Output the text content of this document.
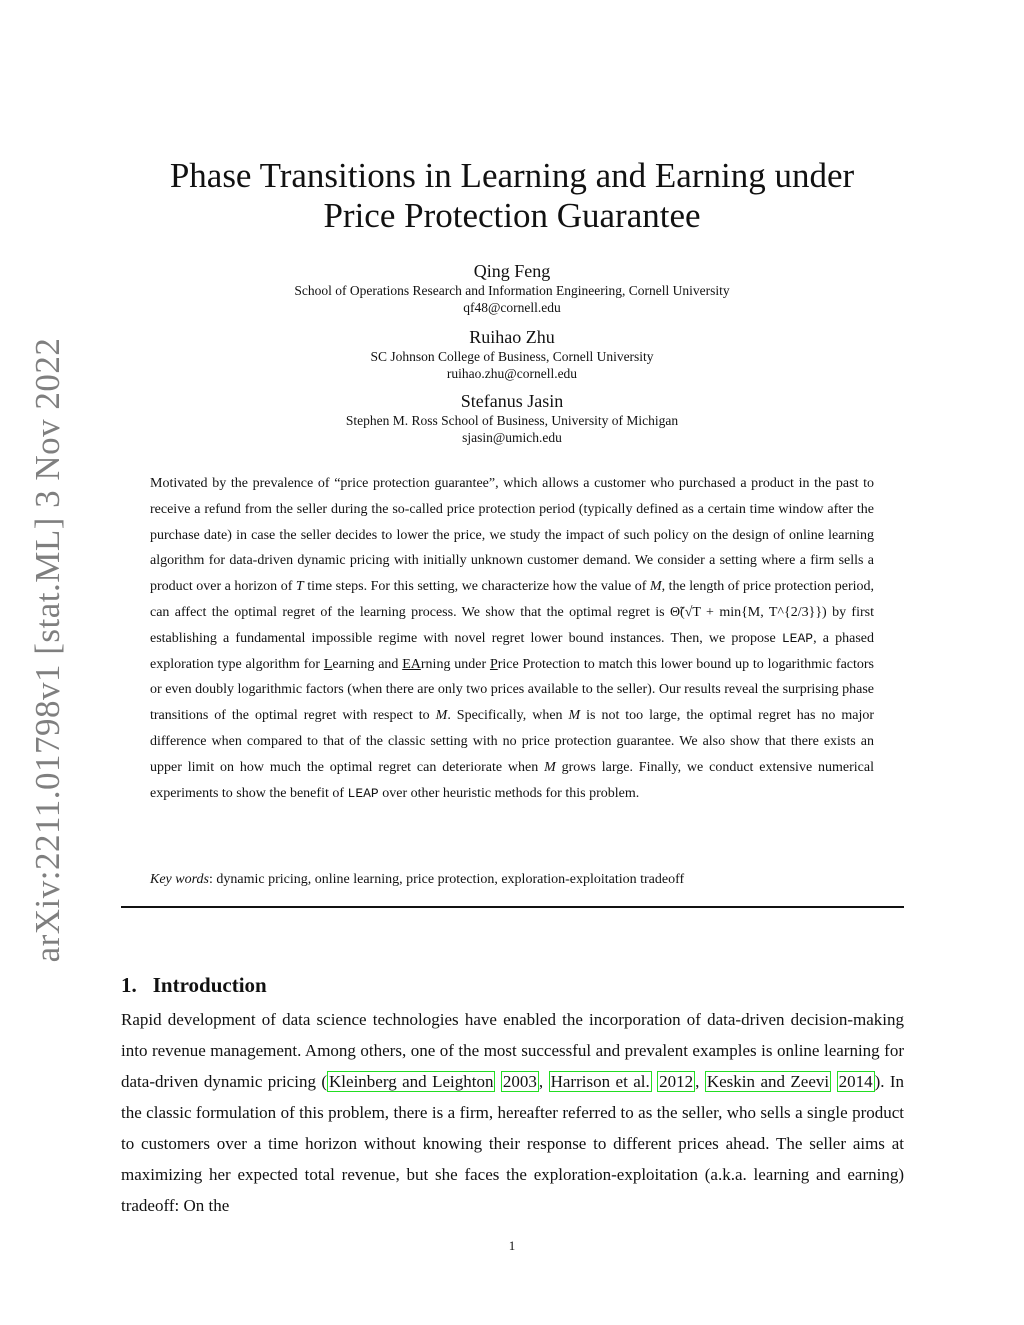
arXiv:2211.01798v1 [stat.ML] 3 Nov 2022
Phase Transitions in Learning and Earning under
Price Protection Guarantee
Qing Feng
School of Operations Research and Information Engineering, Cornell University
qf48@cornell.edu
Ruihao Zhu
SC Johnson College of Business, Cornell University
ruihao.zhu@cornell.edu
Stefanus Jasin
Stephen M. Ross School of Business, University of Michigan
sjasin@umich.edu

Motivated by the prevalence of “price protection guarantee”, which allows a customer who purchased a product in the past to receive a refund from the seller during the so-called price protection period (typically defined as a certain time window after the purchase date) in case the seller decides to lower the price, we study the impact of such policy on the design of online learning algorithm for data-driven dynamic pricing with initially unknown customer demand. We consider a setting where a firm sells a product over a horizon of T time steps. For this setting, we characterize how the value of M, the length of price protection period, can affect the optimal regret of the learning process. We show that the optimal regret is Θ̃(√T + min{M, T^{2/3}}) by first establishing a fundamental impossible regime with novel regret lower bound instances. Then, we propose LEAP, a phased exploration type algorithm for Learning and EArning under Price Protection to match this lower bound up to logarithmic factors or even doubly logarithmic factors (when there are only two prices available to the seller). Our results reveal the surprising phase transitions of the optimal regret with respect to M. Specifically, when M is not too large, the optimal regret has no major difference when compared to that of the classic setting with no price protection guarantee. We also show that there exists an upper limit on how much the optimal regret can deteriorate when M grows large. Finally, we conduct extensive numerical experiments to show the benefit of LEAP over other heuristic methods for this problem.

Key words: dynamic pricing, online learning, price protection, exploration-exploitation tradeoff
1. Introduction

Rapid development of data science technologies have enabled the incorporation of data-driven decision-making into revenue management. Among others, one of the most successful and prevalent examples is online learning for data-driven dynamic pricing ( Kleinberg and Leighton 2003 , Harrison et al. 2012 , Keskin and Zeevi 2014 ). In the classic formulation of this problem, there is a firm, hereafter referred to as the seller, who sells a single product to customers over a time horizon without knowing their response to different prices ahead. The seller aims at maximizing her expected total revenue, but she faces the exploration-exploitation (a.k.a. learning and earning) tradeoff: On the

1
